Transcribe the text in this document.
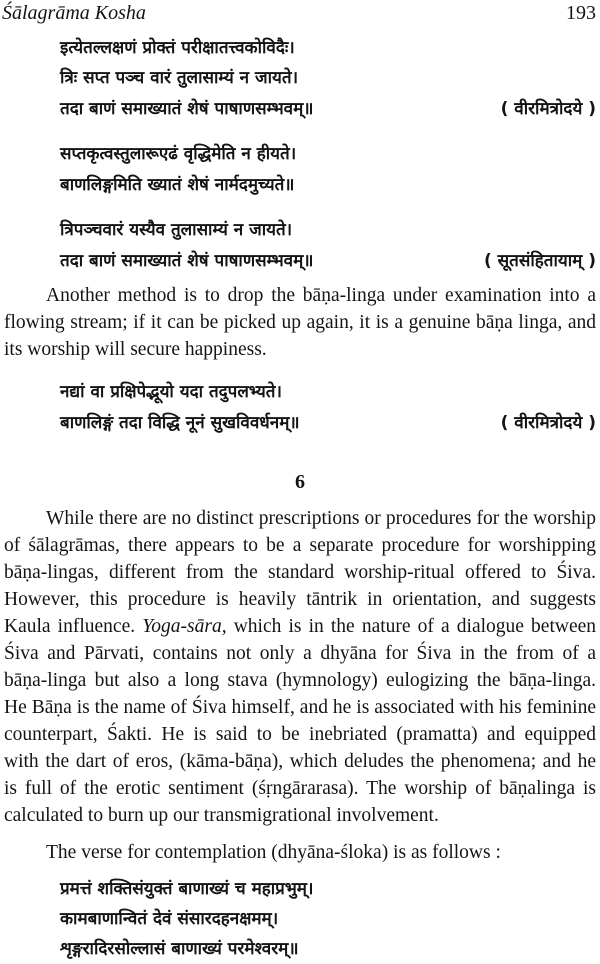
Śālagrāma Kosha	193
इत्येतल्लक्षणं प्रोक्तं परीक्षातत्त्वकोविदैः।
त्रिः सप्त पञ्च वारं तुलासाम्यं न जायते।
तदा बाणं समाख्यातं शेषं पाषाणसम्भवम्॥	( वीरमित्रोदये )
सप्तकृत्वस्तुलारूएढं वृद्धिमेति न हीयते।
बाणलिङ्गमिति ख्यातं शेषं नार्मदमुच्यते॥
त्रिपञ्चवारं यस्यैव तुलासाम्यं न जायते।
तदा बाणं समाख्यातं शेषं पाषाणसम्भवम्॥	( सूतसंहितायाम् )
Another method is to drop the bāṇa-linga under examination into a
flowing stream; if it can be picked up again, it is a genuine bāṇa linga, and
its worship will secure happiness.
नद्यां वा प्रक्षिपेद्भूयो यदा तदुपलभ्यते।
बाणलिङ्गं तदा विद्धि नूनं सुखविवर्धनम्॥	( वीरमित्रोदये )
6
While there are no distinct prescriptions or procedures for the worship
of śālagrāmas, there appears to be a separate procedure for worshipping
bāṇa-lingas, different from the standard worship-ritual offered to Śiva.
However, this procedure is heavily tāntrik in orientation, and suggests
Kaula influence. Yoga-sāra, which is in the nature of a dialogue between
Śiva and Pārvati, contains not only a dhyāna for Śiva in the from of a
bāṇa-linga but also a long stava (hymnology) eulogizing the bāṇa-linga.
He Bāṇa is the name of Śiva himself, and he is associated with his feminine
counterpart, Śakti. He is said to be inebriated (pramatta) and equipped
with the dart of eros, (kāma-bāṇa), which deludes the phenomena; and he
is full of the erotic sentiment (śṛngārarasa). The worship of bāṇalinga is
calculated to burn up our transmigrational involvement.
The verse for contemplation (dhyāna-śloka) is as follows :
प्रमत्तं शक्तिसंयुक्तं बाणाख्यं च महाप्रभुम्।
कामबाणान्वितं देवं संसारदहनक्षमम्।
शृङ्गरादिरसोल्लासं बाणाख्यं परमेश्वरम्॥
